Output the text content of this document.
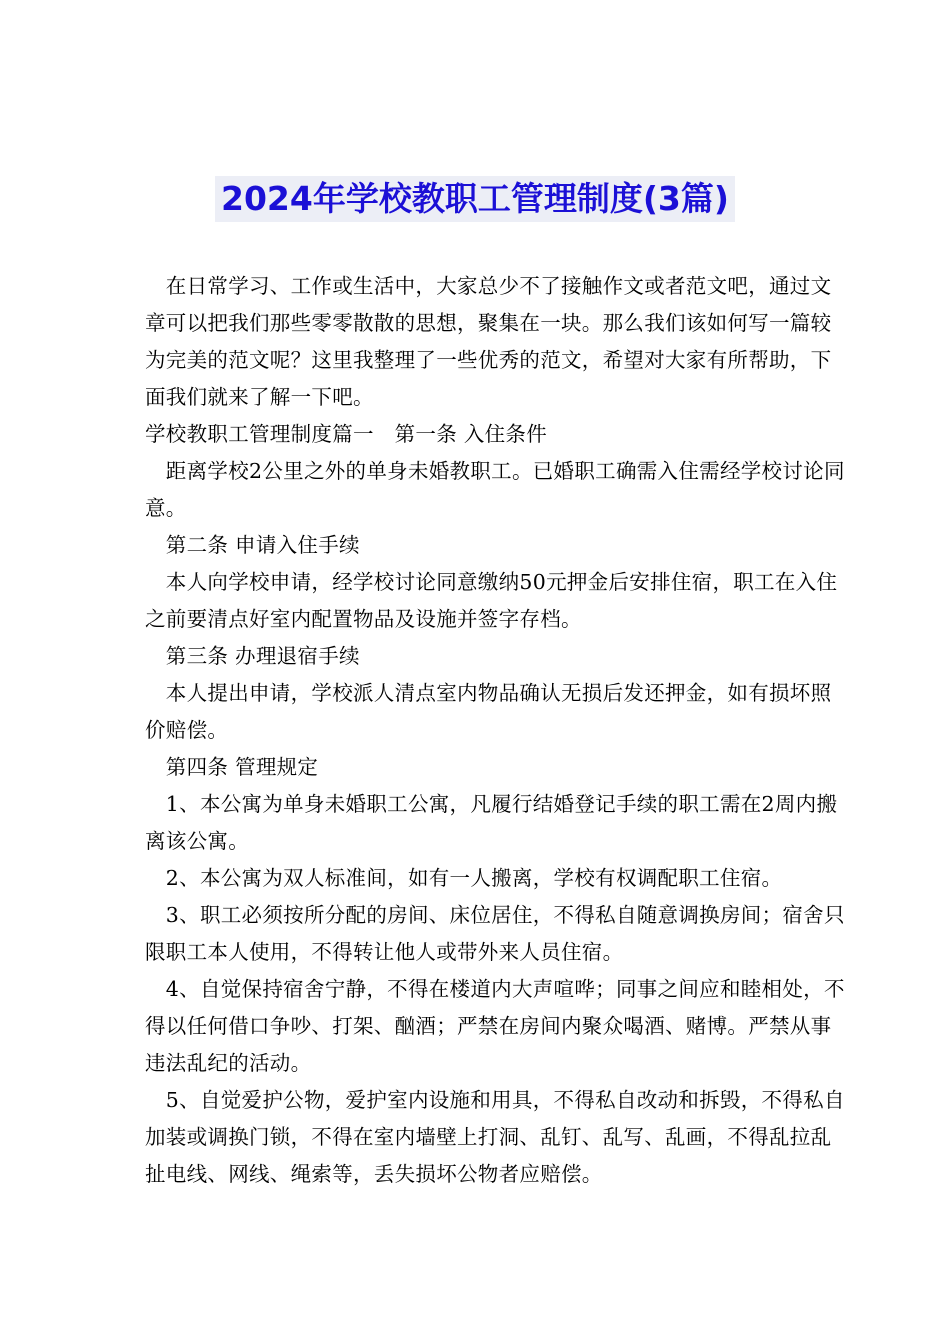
2024年学校教职工管理制度(3篇)

　在日常学习、工作或生活中，大家总少不了接触作文或者范文吧，通过文章可以把我们那些零零散散的思想，聚集在一块。那么我们该如何写一篇较为完美的范文呢？这里我整理了一些优秀的范文，希望对大家有所帮助，下面我们就来了解一下吧。

学校教职工管理制度篇一　第一条 入住条件

　距离学校2公里之外的单身未婚教职工。已婚职工确需入住需经学校讨论同意。

　第二条 申请入住手续

　本人向学校申请，经学校讨论同意缴纳50元押金后安排住宿，职工在入住之前要清点好室内配置物品及设施并签字存档。

　第三条 办理退宿手续

　本人提出申请，学校派人清点室内物品确认无损后发还押金，如有损坏照价赔偿。

　第四条 管理规定

　1、本公寓为单身未婚职工公寓，凡履行结婚登记手续的职工需在2周内搬离该公寓。

　2、本公寓为双人标准间，如有一人搬离，学校有权调配职工住宿。

　3、职工必须按所分配的房间、床位居住，不得私自随意调换房间；宿舍只限职工本人使用，不得转让他人或带外来人员住宿。

　4、自觉保持宿舍宁静，不得在楼道内大声喧哗；同事之间应和睦相处，不得以任何借口争吵、打架、酗酒；严禁在房间内聚众喝酒、赌博。严禁从事违法乱纪的活动。

　5、自觉爱护公物，爱护室内设施和用具，不得私自改动和拆毁，不得私自加装或调换门锁，不得在室内墙壁上打洞、乱钉、乱写、乱画，不得乱拉乱扯电线、网线、绳索等，丢失损坏公物者应赔偿。
